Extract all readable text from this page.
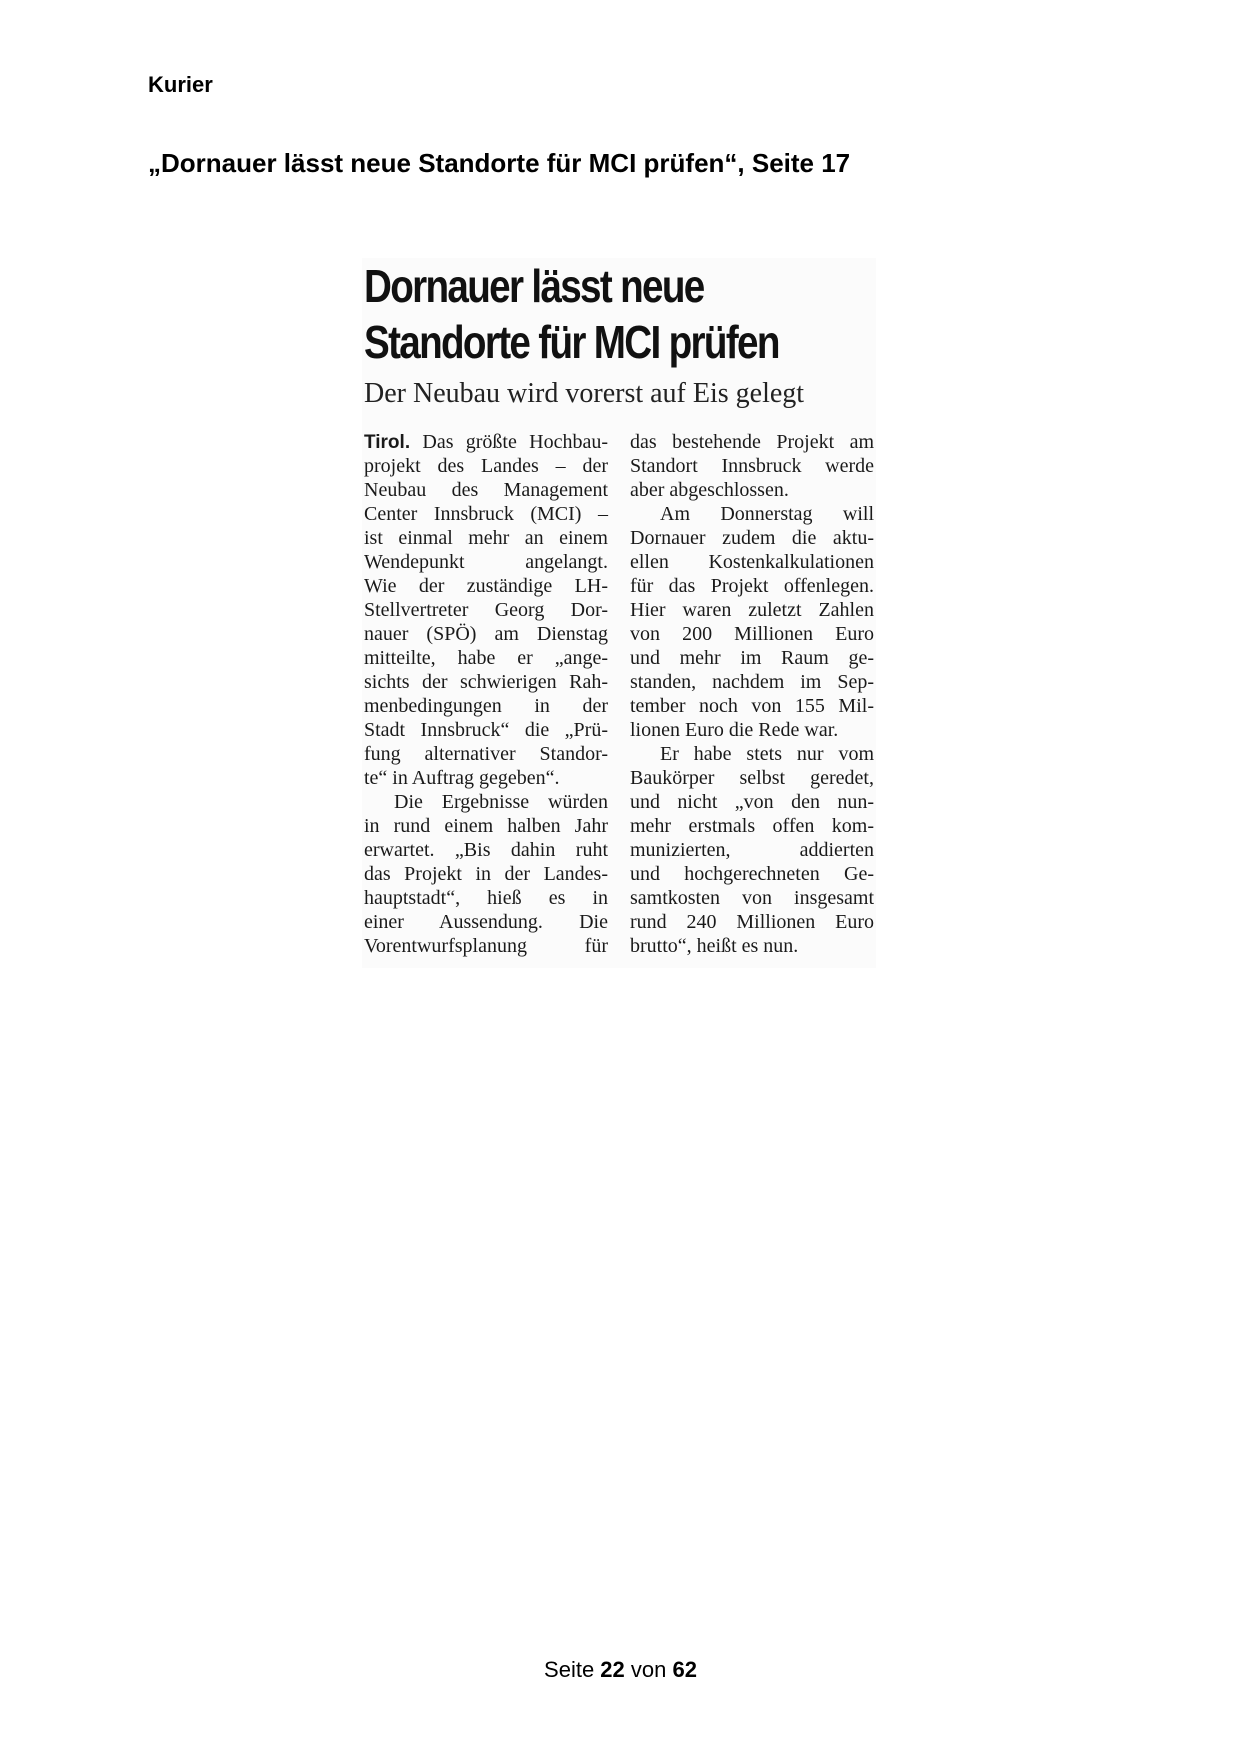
Kurier
„Dornauer lässt neue Standorte für MCI prüfen“, Seite 17
Dornauer lässt neue
Standorte für MCI prüfen
Der Neubau wird vorerst auf Eis gelegt
Tirol. Das größte Hochbau-
projekt des Landes – der
Neubau des Management
Center Innsbruck (MCI) –
ist einmal mehr an einem
Wendepunkt angelangt.
Wie der zuständige LH-
Stellvertreter Georg Dor-
nauer (SPÖ) am Dienstag
mitteilte, habe er „ange-
sichts der schwierigen Rah-
menbedingungen in der
Stadt Innsbruck“ die „Prü-
fung alternativer Standor-
te“ in Auftrag gegeben“.
Die Ergebnisse würden
in rund einem halben Jahr
erwartet. „Bis dahin ruht
das Projekt in der Landes-
hauptstadt“, hieß es in
einer Aussendung. Die
Vorentwurfsplanung für
das bestehende Projekt am
Standort Innsbruck werde
aber abgeschlossen.
Am Donnerstag will
Dornauer zudem die aktu-
ellen Kostenkalkulationen
für das Projekt offenlegen.
Hier waren zuletzt Zahlen
von 200 Millionen Euro
und mehr im Raum ge-
standen, nachdem im Sep-
tember noch von 155 Mil-
lionen Euro die Rede war.
Er habe stets nur vom
Baukörper selbst geredet,
und nicht „von den nun-
mehr erstmals offen kom-
munizierten, addierten
und hochgerechneten Ge-
samtkosten von insgesamt
rund 240 Millionen Euro
brutto“, heißt es nun.
Seite 22 von 62
